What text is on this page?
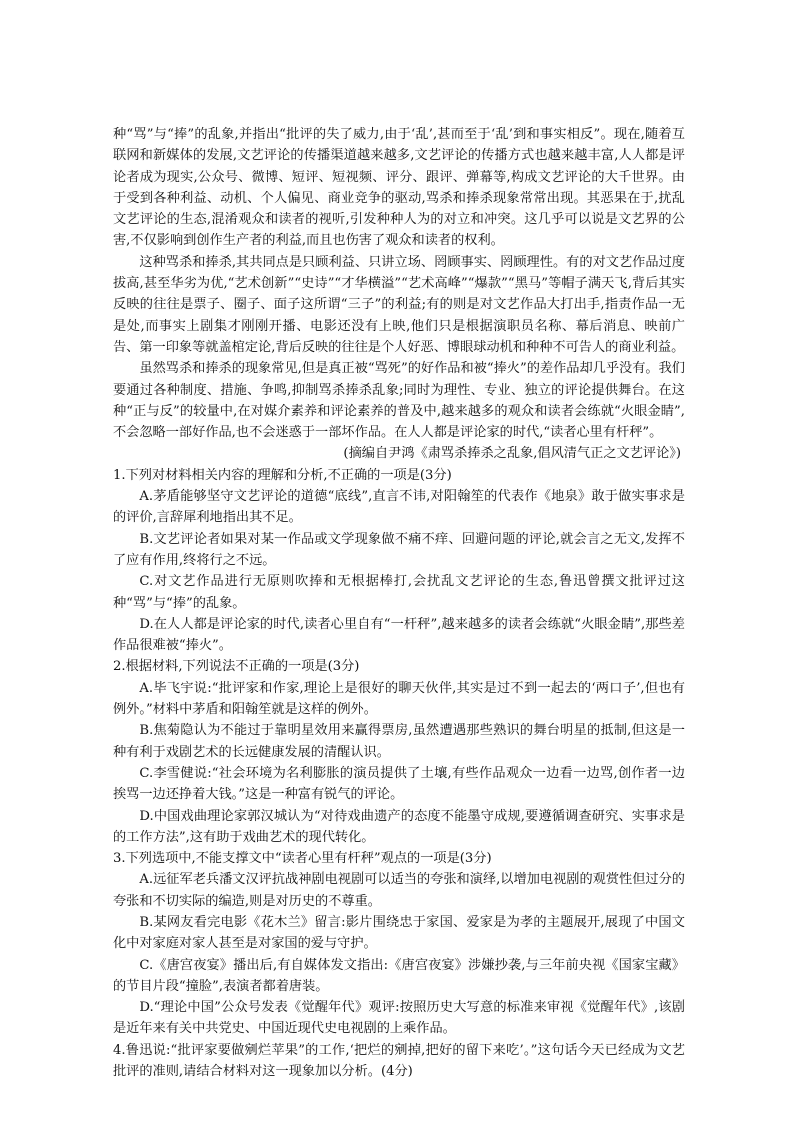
种“骂”与“捧”的乱象,并指出“批评的失了威力,由于‘乱’,甚而至于‘乱’到和事实相反”。现在,随着互联网和新媒体的发展,文艺评论的传播渠道越来越多,文艺评论的传播方式也越来越丰富,人人都是评论者成为现实,公众号、微博、短评、短视频、评分、跟评、弹幕等,构成文艺评论的大千世界。由于受到各种利益、动机、个人偏见、商业竞争的驱动,骂杀和捧杀现象常常出现。其恶果在于,扰乱文艺评论的生态,混淆观众和读者的视听,引发种种人为的对立和冲突。这几乎可以说是文艺界的公害,不仅影响到创作生产者的利益,而且也伤害了观众和读者的权利。

这种骂杀和捧杀,其共同点是只顾利益、只讲立场、罔顾事实、罔顾理性。有的对文艺作品过度拔高,甚至华劣为优,“艺术创新”“史诗”“才华横溢”“艺术高峰”“爆款”“黑马”等帽子满天飞,背后其实反映的往往是票子、圈子、面子这所谓“三子”的利益;有的则是对文艺作品大打出手,指责作品一无是处,而事实上剧集才刚刚开播、电影还没有上映,他们只是根据演职员名称、幕后消息、映前广告、第一印象等就盖棺定论,背后反映的往往是个人好恶、博眼球动机和种种不可告人的商业利益。

虽然骂杀和捧杀的现象常见,但是真正被“骂死”的好作品和被“捧火”的差作品却几乎没有。我们要通过各种制度、措施、争鸣,抑制骂杀捧杀乱象;同时为理性、专业、独立的评论提供舞台。在这种“正与反”的较量中,在对媒介素养和评论素养的普及中,越来越多的观众和读者会练就“火眼金睛”,不会忽略一部好作品,也不会迷惑于一部坏作品。在人人都是评论家的时代,“读者心里有杆秤”。

(摘编自尹鸿《肃骂杀捧杀之乱象,倡风清气正之文艺评论》)

1.下列对材料相关内容的理解和分析,不正确的一项是(3分)

A.茅盾能够坚守文艺评论的道德“底线”,直言不讳,对阳翰笙的代表作《地泉》敢于做实事求是的评价,言辞犀利地指出其不足。

B.文艺评论者如果对某一作品或文学现象做不痛不痒、回避问题的评论,就会言之无文,发挥不了应有作用,终将行之不远。

C.对文艺作品进行无原则吹捧和无根据棒打,会扰乱文艺评论的生态,鲁迅曾撰文批评过这种“骂”与“捧”的乱象。

D.在人人都是评论家的时代,读者心里自有“一杆秤”,越来越多的读者会练就“火眼金睛”,那些差作品很难被“捧火”。

2.根据材料,下列说法不正确的一项是(3分)

A.毕飞宇说:“批评家和作家,理论上是很好的聊天伙伴,其实是过不到一起去的‘两口子’,但也有例外。”材料中茅盾和阳翰笙就是这样的例外。

B.焦菊隐认为不能过于靠明星效用来赢得票房,虽然遭遇那些熟识的舞台明星的抵制,但这是一种有利于戏剧艺术的长远健康发展的清醒认识。

C.李雪健说:“社会环境为名利膨胀的演员提供了土壤,有些作品观众一边看一边骂,创作者一边挨骂一边还挣着大钱。”这是一种富有锐气的评论。

D.中国戏曲理论家郭汉城认为“对待戏曲遗产的态度不能墨守成规,要遵循调查研究、实事求是的工作方法”,这有助于戏曲艺术的现代转化。

3.下列选项中,不能支撑文中“读者心里有杆秤”观点的一项是(3分)

A.远征军老兵潘文汉评抗战神剧电视剧可以适当的夸张和演绎,以增加电视剧的观赏性但过分的夸张和不切实际的编造,则是对历史的不尊重。

B.某网友看完电影《花木兰》留言:影片围绕忠于家国、爱家是为孝的主题展开,展现了中国文化中对家庭对家人甚至是对家国的爱与守护。

C.《唐宫夜宴》播出后,有自媒体发文指出:《唐宫夜宴》涉嫌抄袭,与三年前央视《国家宝藏》的节目片段“撞脸”,表演者都着唐装。

D.“理论中国”公众号发表《觉醒年代》观评:按照历史大写意的标准来审视《觉醒年代》,该剧是近年来有关中共党史、中国近现代史电视剧的上乘作品。

4.鲁迅说:“批评家要做剜烂苹果”的工作,‘把烂的剜掉,把好的留下来吃’。”这句话今天已经成为文艺批评的准则,请结合材料对这一现象加以分析。(4分)
